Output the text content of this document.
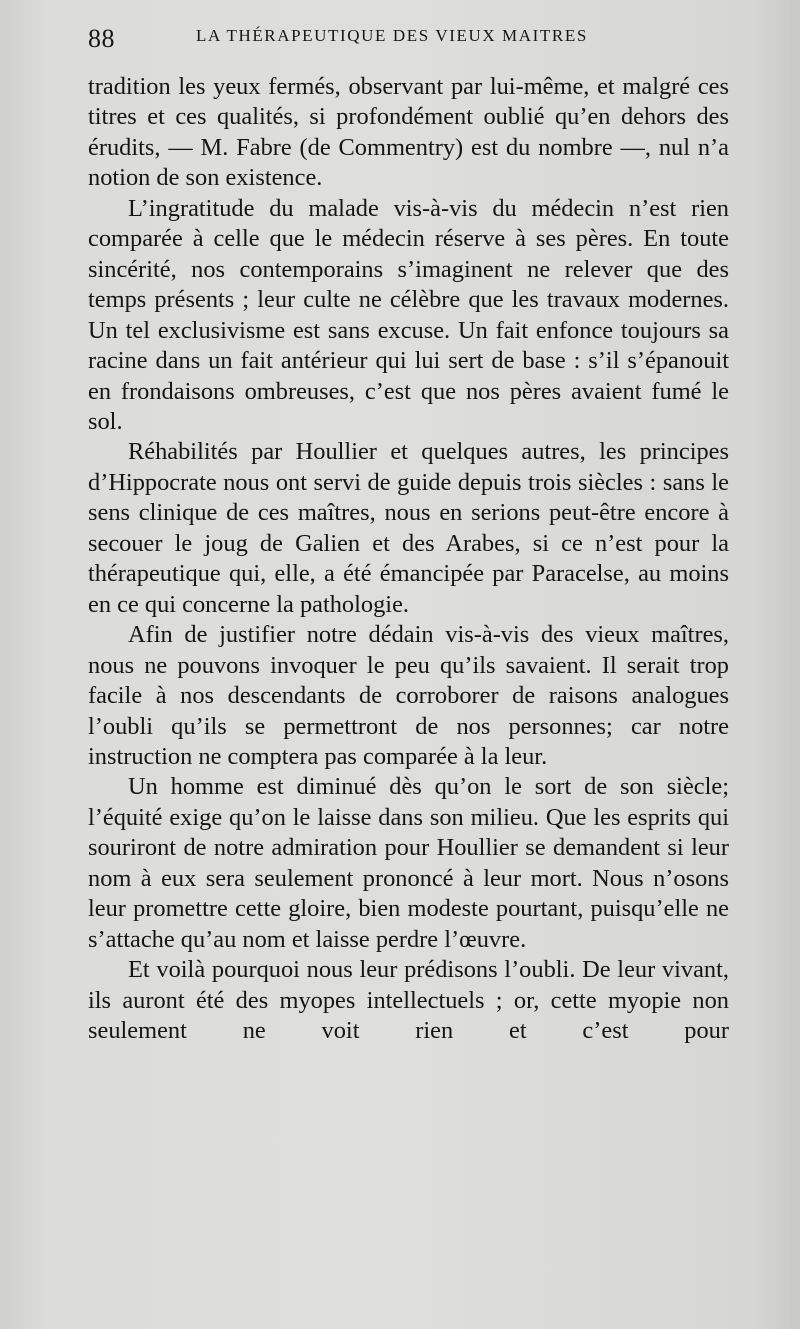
88	LA THÉRAPEUTIQUE DES VIEUX MAITRES

tradition les yeux fermés, observant par lui-même, et malgré ces titres et ces qualités, si profondément oublié qu’en dehors des érudits, — M. Fabre (de Commentry) est du nombre —, nul n’a notion de son existence.

L’ingratitude du malade vis-à-vis du médecin n’est rien comparée à celle que le médecin réserve à ses pères. En toute sincérité, nos contemporains s’imaginent ne relever que des temps présents ; leur culte ne célèbre que les travaux modernes. Un tel exclusivisme est sans excuse. Un fait enfonce toujours sa racine dans un fait antérieur qui lui sert de base : s’il s’épanouit en frondaisons ombreuses, c’est que nos pères avaient fumé le sol.

Réhabilités par Houllier et quelques autres, les principes d’Hippocrate nous ont servi de guide depuis trois siècles : sans le sens clinique de ces maîtres, nous en serions peut-être encore à secouer le joug de Galien et des Arabes, si ce n’est pour la thérapeutique qui, elle, a été émancipée par Paracelse, au moins en ce qui concerne la pathologie.

Afin de justifier notre dédain vis-à-vis des vieux maîtres, nous ne pouvons invoquer le peu qu’ils savaient. Il serait trop facile à nos descendants de corroborer de raisons analogues l’oubli qu’ils se permettront de nos personnes; car notre instruction ne comptera pas comparée à la leur.

Un homme est diminué dès qu’on le sort de son siècle; l’équité exige qu’on le laisse dans son milieu. Que les esprits qui souriront de notre admiration pour Houllier se demandent si leur nom à eux sera seulement prononcé à leur mort. Nous n’osons leur promettre cette gloire, bien modeste pourtant, puisqu’elle ne s’attache qu’au nom et laisse perdre l’œuvre.

Et voilà pourquoi nous leur prédisons l’oubli. De leur vivant, ils auront été des myopes intellectuels ; or, cette myopie non seulement ne voit rien et c’est pour
